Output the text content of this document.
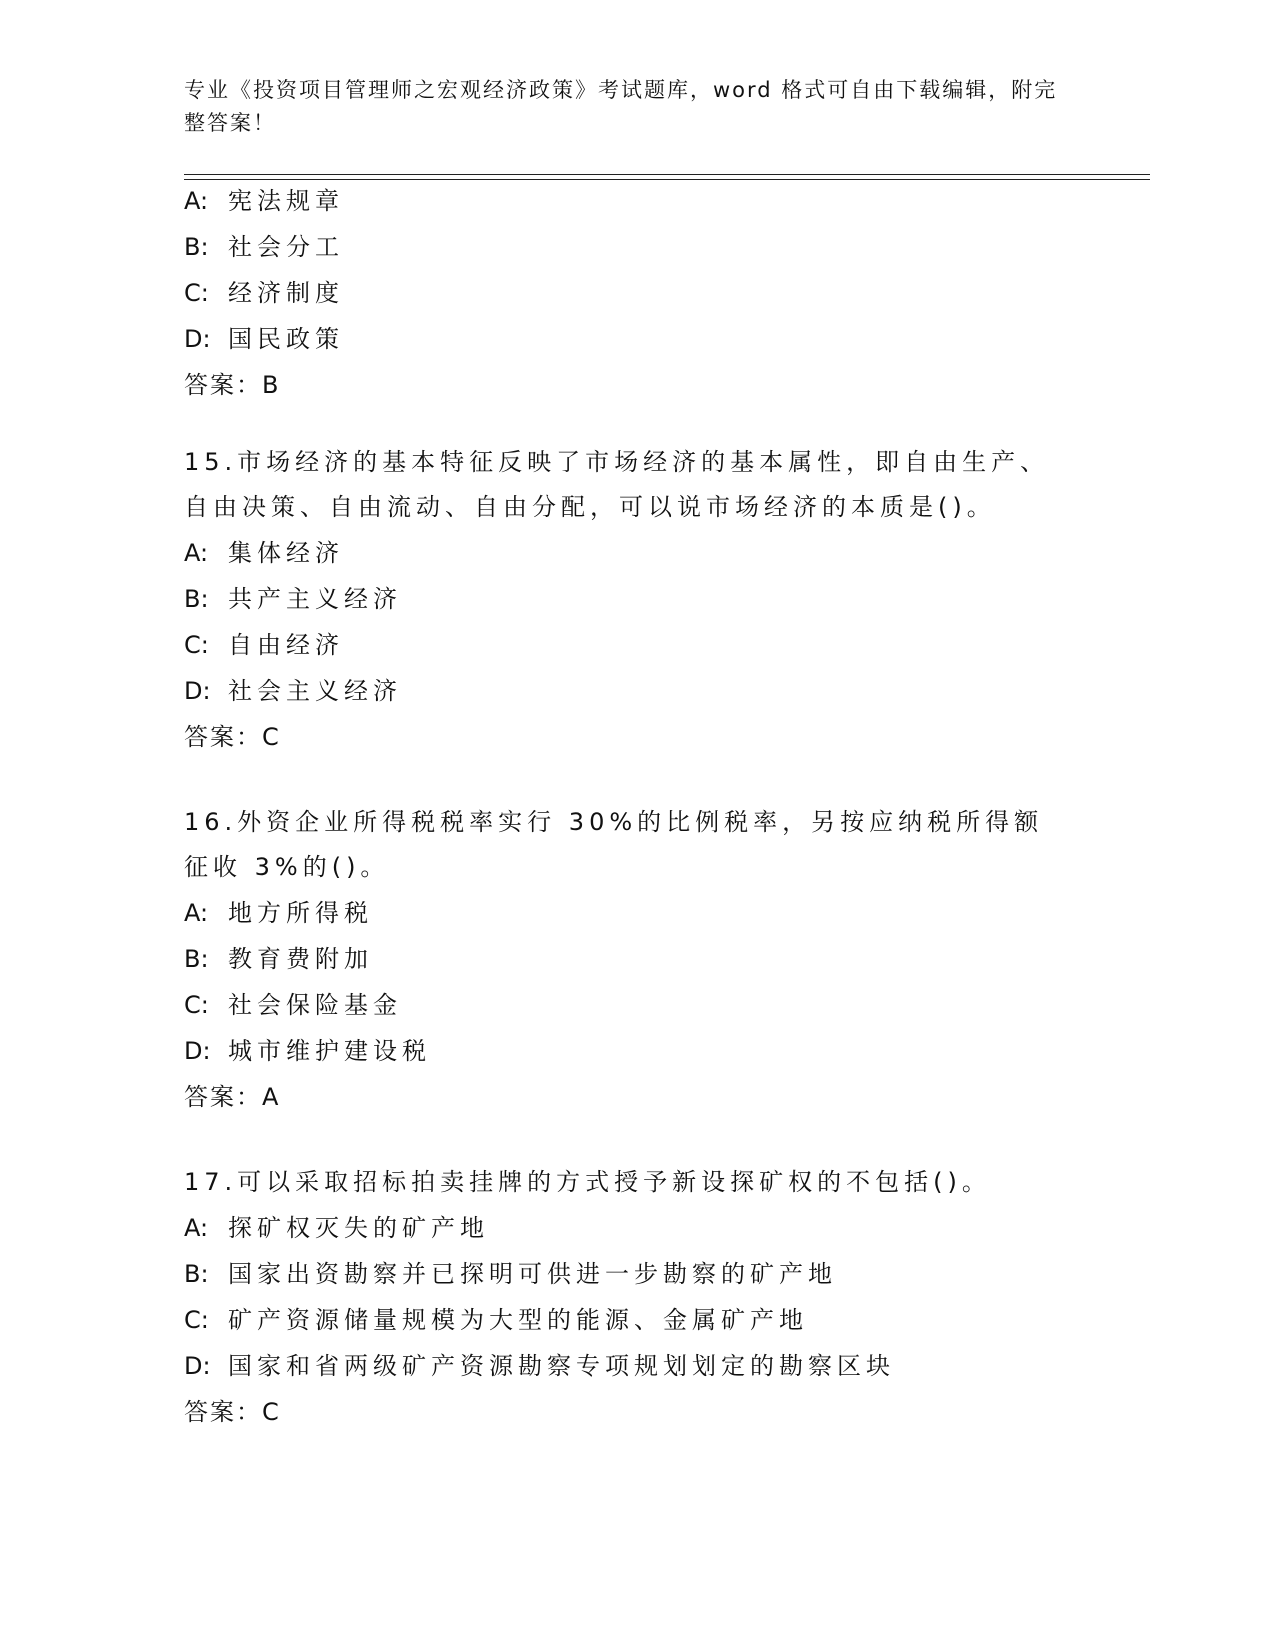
专业《投资项目管理师之宏观经济政策》考试题库，word 格式可自由下载编辑，附完整答案！
A: 宪法规章
B: 社会分工
C: 经济制度
D: 国民政策
答案：B
15.市场经济的基本特征反映了市场经济的基本属性，即自由生产、自由决策、自由流动、自由分配，可以说市场经济的本质是()。
A: 集体经济
B: 共产主义经济
C: 自由经济
D: 社会主义经济
答案：C
16.外资企业所得税税率实行 30%的比例税率，另按应纳税所得额征收 3%的()。
A: 地方所得税
B: 教育费附加
C: 社会保险基金
D: 城市维护建设税
答案：A
17.可以采取招标拍卖挂牌的方式授予新设探矿权的不包括()。
A: 探矿权灭失的矿产地
B: 国家出资勘察并已探明可供进一步勘察的矿产地
C: 矿产资源储量规模为大型的能源、金属矿产地
D: 国家和省两级矿产资源勘察专项规划划定的勘察区块
答案：C
